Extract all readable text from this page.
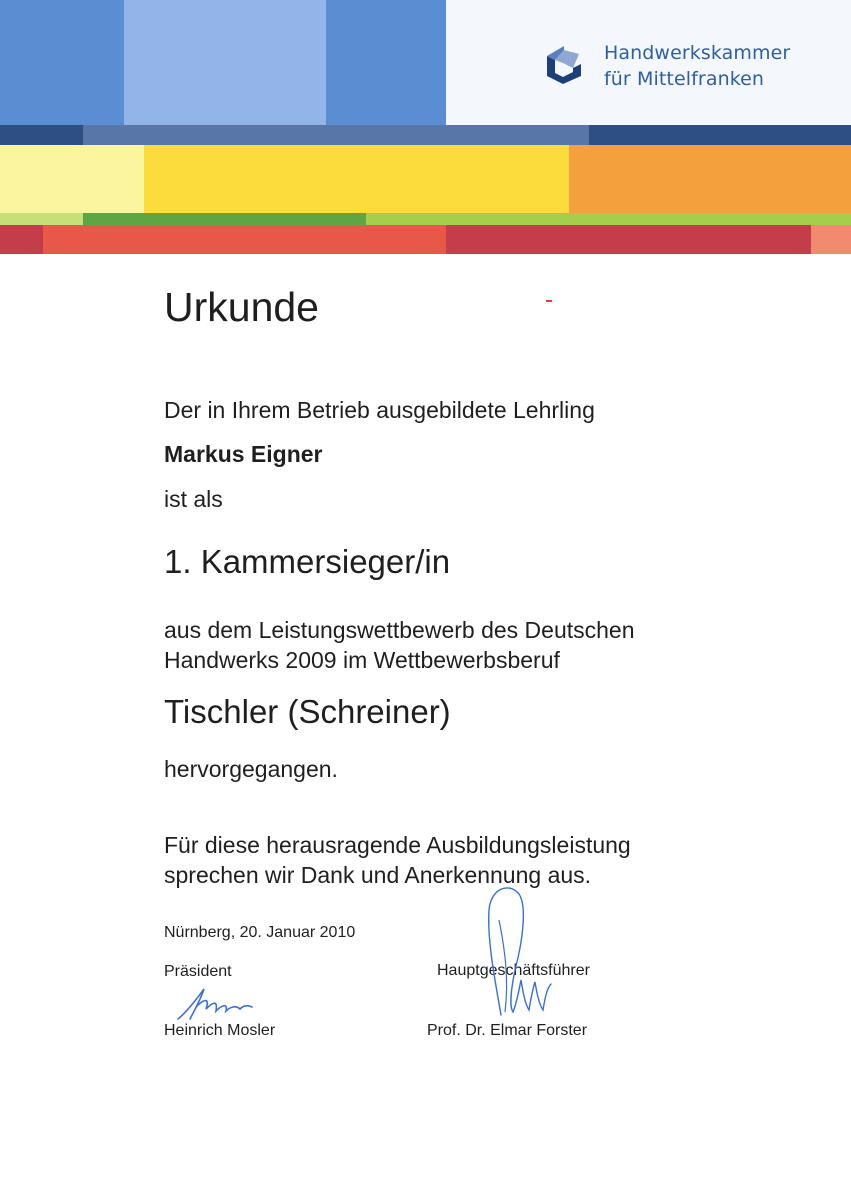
Handwerkskammer
für Mittelfranken
Urkunde
Der in Ihrem Betrieb ausgebildete Lehrling
Markus Eigner
ist als
1. Kammersieger/in
aus dem Leistungswettbewerb des Deutschen
Handwerks 2009 im Wettbewerbsberuf
Tischler (Schreiner)
hervorgegangen.
Für diese herausragende Ausbildungsleistung
sprechen wir Dank und Anerkennung aus.
Nürnberg, 20. Januar 2010
Präsident
Heinrich Mosler
Hauptgeschäftsführer
Prof. Dr. Elmar Forster
